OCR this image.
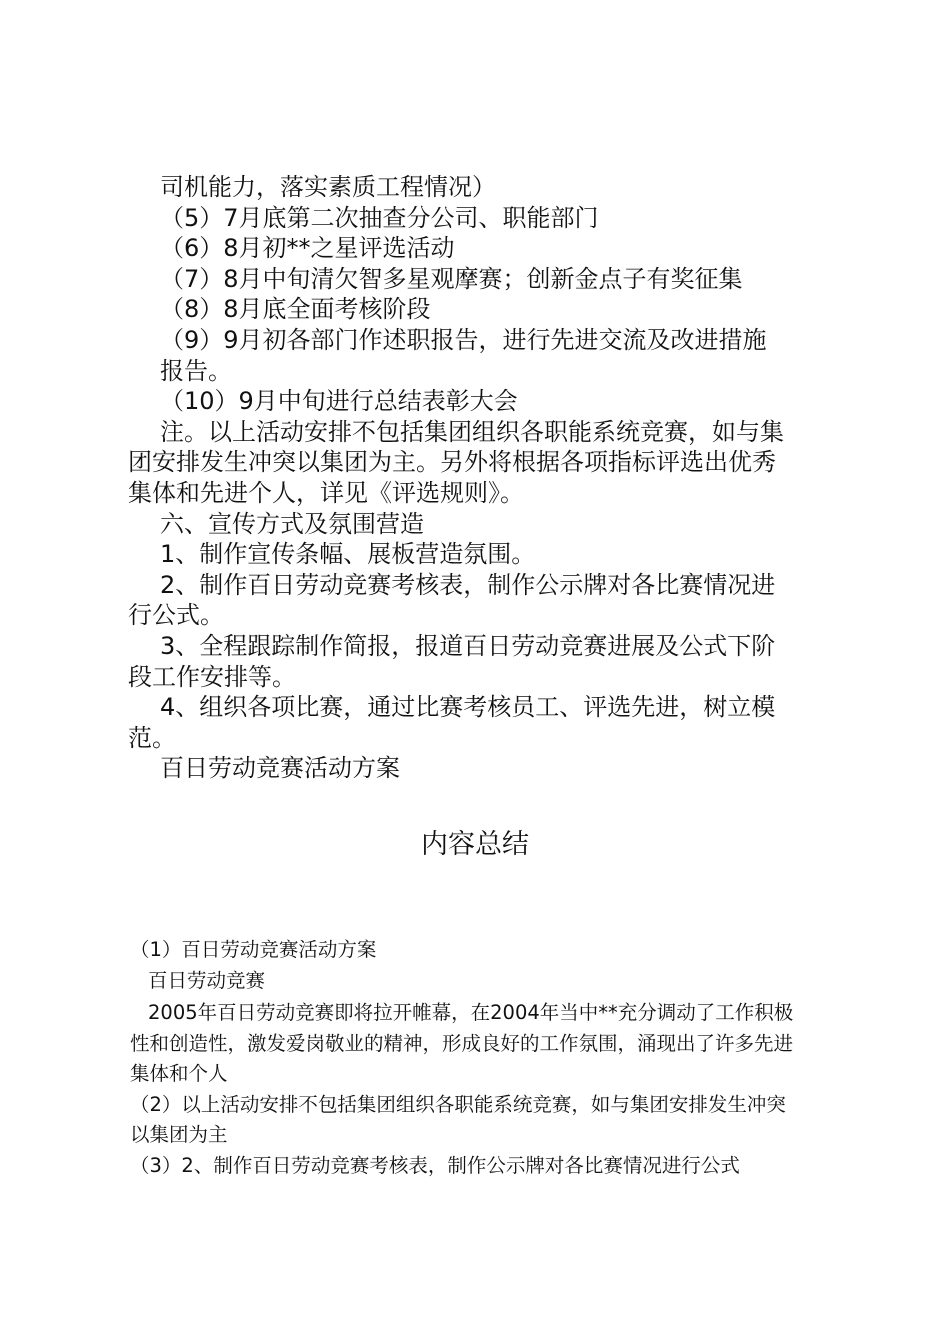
司机能力，落实素质工程情况）

（5）7月底第二次抽查分公司、职能部门

（6）8月初**之星评选活动

（7）8月中旬清欠智多星观摩赛；创新金点子有奖征集

（8）8月底全面考核阶段

（9）9月初各部门作述职报告，进行先进交流及改进措施

报告。

（10）9月中旬进行总结表彰大会

注。以上活动安排不包括集团组织各职能系统竞赛，如与集

团安排发生冲突以集团为主。另外将根据各项指标评选出优秀

集体和先进个人，详见《评选规则》。

六、宣传方式及氛围营造

1、制作宣传条幅、展板营造氛围。

2、制作百日劳动竞赛考核表，制作公示牌对各比赛情况进

行公式。

3、全程跟踪制作简报，报道百日劳动竞赛进展及公式下阶

段工作安排等。

4、组织各项比赛，通过比赛考核员工、评选先进，树立模

范。

百日劳动竞赛活动方案

内容总结

（1）百日劳动竞赛活动方案

百日劳动竞赛

2005年百日劳动竞赛即将拉开帷幕，在2004年当中**充分调动了工作积极

性和创造性，激发爱岗敬业的精神，形成良好的工作氛围，涌现出了许多先进

集体和个人

（2）以上活动安排不包括集团组织各职能系统竞赛，如与集团安排发生冲突

以集团为主

（3）2、制作百日劳动竞赛考核表，制作公示牌对各比赛情况进行公式
